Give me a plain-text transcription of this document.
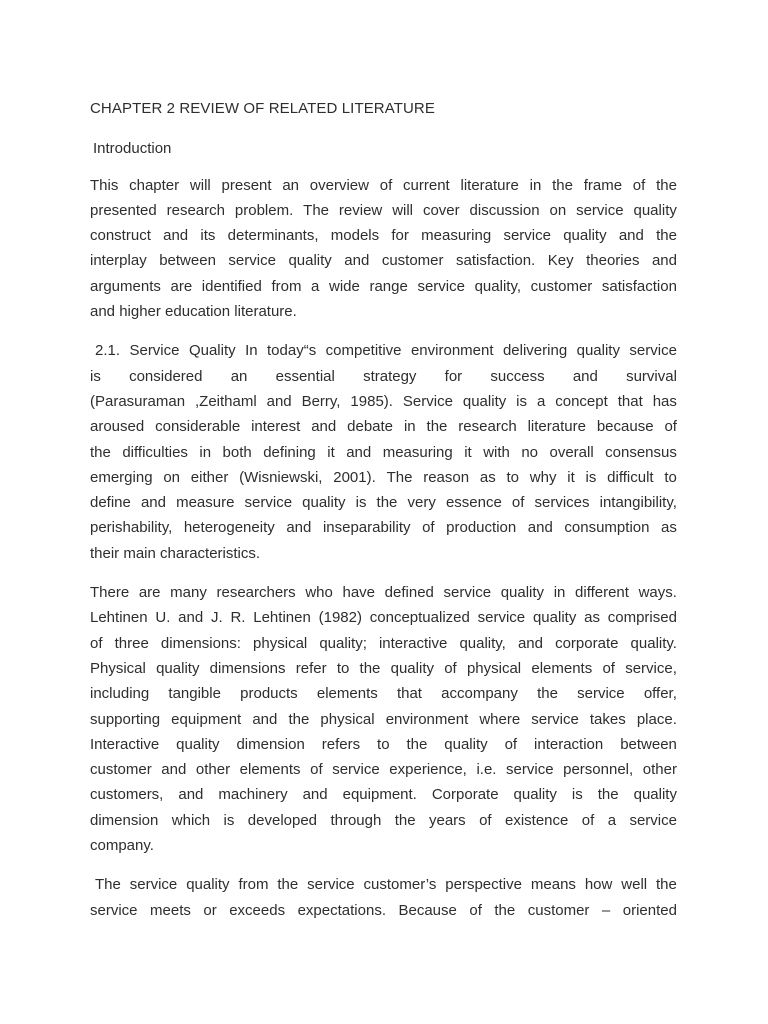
CHAPTER 2 REVIEW OF RELATED LITERATURE
Introduction
This chapter will present an overview of current literature in the frame of the
presented research problem. The review will cover discussion on service quality
construct and its determinants, models for measuring service quality and the
interplay between service quality and customer satisfaction. Key theories and
arguments are identified from a wide range service quality, customer satisfaction
and higher education literature.
2.1. Service Quality In today“s competitive environment delivering quality service
is considered an essential strategy for success and survival
(Parasuraman ,Zeithaml and Berry, 1985). Service quality is a concept that has
aroused considerable interest and debate in the research literature because of
the difficulties in both defining it and measuring it with no overall consensus
emerging on either (Wisniewski, 2001). The reason as to why it is difficult to
define and measure service quality is the very essence of services intangibility,
perishability, heterogeneity and inseparability of production and consumption as
their main characteristics.
There are many researchers who have defined service quality in different ways.
Lehtinen U. and J. R. Lehtinen (1982) conceptualized service quality as comprised
of three dimensions: physical quality; interactive quality, and corporate quality.
Physical quality dimensions refer to the quality of physical elements of service,
including tangible products elements that accompany the service offer,
supporting equipment and the physical environment where service takes place.
Interactive quality dimension refers to the quality of interaction between
customer and other elements of service experience, i.e. service personnel, other
customers, and machinery and equipment. Corporate quality is the quality
dimension which is developed through the years of existence of a service
company.
The service quality from the service customer’s perspective means how well the
service meets or exceeds expectations. Because of the customer – oriented
